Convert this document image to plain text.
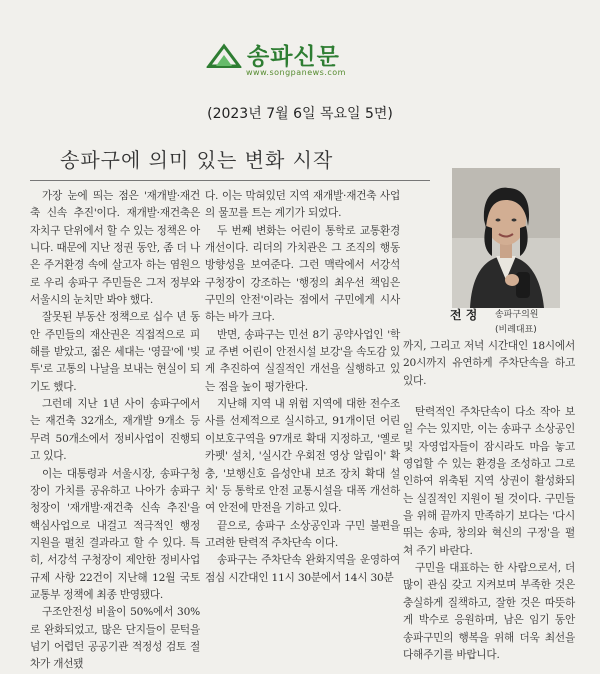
송파신문
www.songpanews.com
(2023년 7월 6일 목요일 5면)
송파구에 의미 있는 변화 시작

가장 눈에 띄는 점은 '재개발·재건축 신속 추진'이다. 재개발·재건축은 자치구 단위에서 할 수 있는 정책은 아니다. 때문에 지난 정권 동안, 좀 더 나은 주거환경 속에 살고자 하는 염원으로 우리 송파구 주민들은 그저 정부와 서울시의 눈치만 봐야 했다.

잘못된 부동산 정책으로 십수 년 동안 주민들의 재산권은 직접적으로 피해를 받았고, 젊은 세대는 '영끌'에 '빚투'로 고통의 나날을 보내는 현실이 되기도 했다.

그런데 지난 1년 사이 송파구에서는 재건축 32개소, 재개발 9개소 등 무려 50개소에서 정비사업이 진행되고 있다.

이는 대통령과 서울시장, 송파구청장이 가치를 공유하고 나아가 송파구청장이 '재개발·재건축 신속 추진'을 핵심사업으로 내걸고 적극적인 행정지원을 펼친 결과라고 할 수 있다. 특히, 서강석 구청장이 제안한 정비사업 규제 사항 22건이 지난해 12월 국토교통부 정책에 최종 반영됐다.

구조안전성 비율이 50%에서 30%로 완화되었고, 많은 단지들이 문턱을 넘기 어렵던 공공기관 적정성 검토 절차가 개선됐

다. 이는 막혀있던 지역 재개발·재건축 사업의 물꼬를 트는 계기가 되었다.

두 번째 변화는 어린이 통학로 교통환경 개선이다. 리더의 가치관은 그 조직의 행동 방향성을 보여준다. 그런 맥락에서 서강석 구청장이 강조하는 '행정의 최우선 책임은 구민의 안전'이라는 점에서 구민에게 시사하는 바가 크다.

반면, 송파구는 민선 8기 공약사업인 '학교 주변 어린이 안전시설 보강'을 속도감 있게 추진하여 실질적인 개선을 실행하고 있는 점을 높이 평가한다.

지난해 지역 내 위험 지역에 대한 전수조사를 선제적으로 실시하고, 91개이던 어린이보호구역을 97개로 확대 지정하고, '옐로카펫' 설치, '실시간 우회전 영상 알림이' 확충, '보행신호 음성안내 보조 장치 확대 설치' 등 통학로 안전 교통시설을 대폭 개선하여 안전에 만전을 기하고 있다.

끝으로, 송파구 소상공인과 구민 불편을 고려한 탄력적 주차단속 이다.

송파구는 주차단속 완화지역을 운영하여 점심 시간대인 11시 30분에서 14시 30분

전 정 송파구의원
(비례대표)

까지, 그리고 저녁 시간대인 18시에서 20시까지 유연하게 주차단속을 하고 있다.

탄력적인 주차단속이 다소 작아 보일 수는 있지만, 이는 송파구 소상공인 및 자영업자들이 잠시라도 마음 놓고 영업할 수 있는 환경을 조성하고 그로 인하여 위축된 지역 상권이 활성화되는 실질적인 지원이 될 것이다. 구민들을 위해 끝까지 만족하기 보다는 '다시 뛰는 송파, 창의와 혁신의 구정'을 펼쳐 주기 바란다.

구민을 대표하는 한 사람으로서, 더 많이 관심 갖고 지켜보며 부족한 것은 충실하게 질책하고, 잘한 것은 따뜻하게 박수로 응원하며, 남은 임기 동안 송파구민의 행복을 위해 더욱 최선을 다해주기를 바랍니다.
